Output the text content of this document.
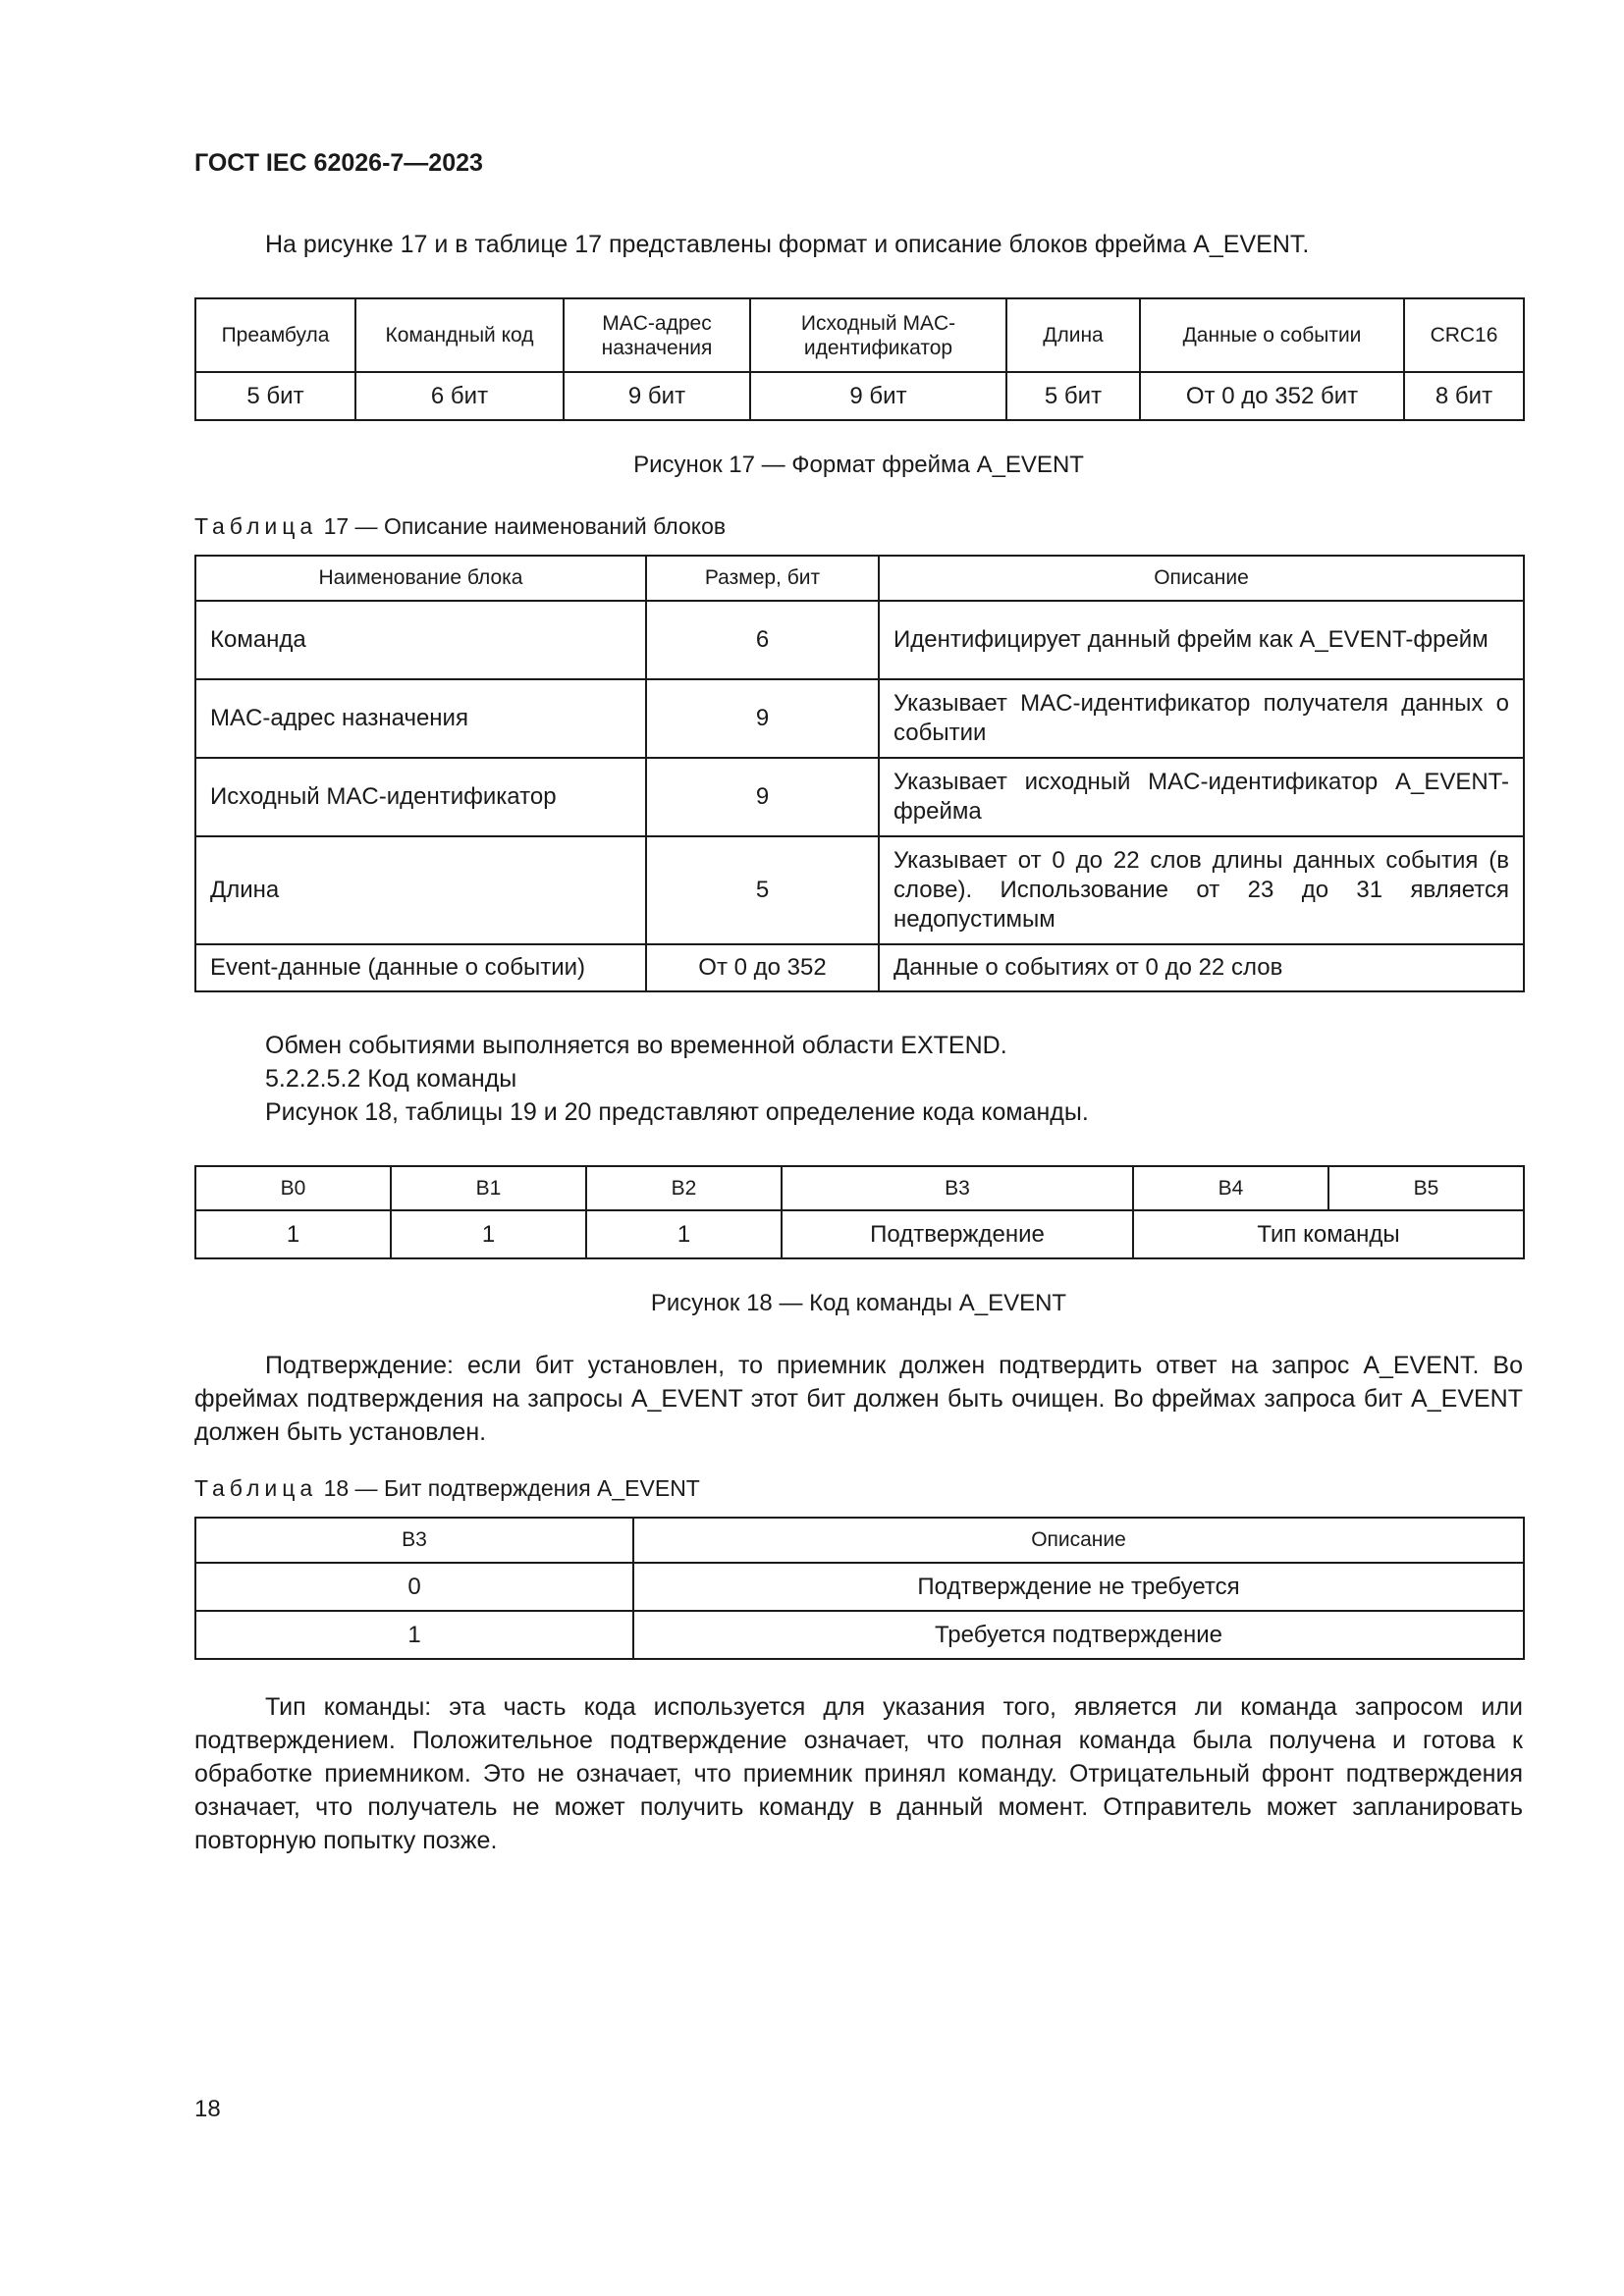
ГОСТ IEC 62026-7—2023
На рисунке 17 и в таблице 17 представлены формат и описание блоков фрейма A_EVENT.
Преамбула	Командный код	MAC-адрес назначения	Исходный MAC-идентификатор	Длина	Данные о событии	CRC16
5 бит	6 бит	9 бит	9 бит	5 бит	От 0 до 352 бит	8 бит
Рисунок 17 — Формат фрейма A_EVENT
Таблица 17 — Описание наименований блоков
Наименование блока	Размер, бит	Описание
Команда	6	Идентифицирует данный фрейм как A_EVENT-фрейм
MAC-адрес назначения	9	Указывает MAC-идентификатор получателя данных о событии
Исходный MAC-идентификатор	9	Указывает исходный MAC-идентификатор A_EVENT-фрейма
Длина	5	Указывает от 0 до 22 слов длины данных события (в слове). Использование от 23 до 31 является недопустимым
Event-данные (данные о событии)	От 0 до 352	Данные о событиях от 0 до 22 слов
Обмен событиями выполняется во временной области EXTEND.
5.2.2.5.2 Код команды
Рисунок 18, таблицы 19 и 20 представляют определение кода команды.
B0	B1	B2	B3	B4	B5
1	1	1	Подтверждение	Тип команды	
Рисунок 18 — Код команды A_EVENT
Подтверждение: если бит установлен, то приемник должен подтвердить ответ на запрос A_EVENT. Во фреймах подтверждения на запросы A_EVENT этот бит должен быть очищен. Во фреймах запроса бит A_EVENT должен быть установлен.
Таблица 18 — Бит подтверждения A_EVENT
B3	Описание
0	Подтверждение не требуется
1	Требуется подтверждение
Тип команды: эта часть кода используется для указания того, является ли команда запросом или подтверждением. Положительное подтверждение означает, что полная команда была получена и готова к обработке приемником. Это не означает, что приемник принял команду. Отрицательный фронт подтверждения означает, что получатель не может получить команду в данный момент. Отправитель может запланировать повторную попытку позже.
18
